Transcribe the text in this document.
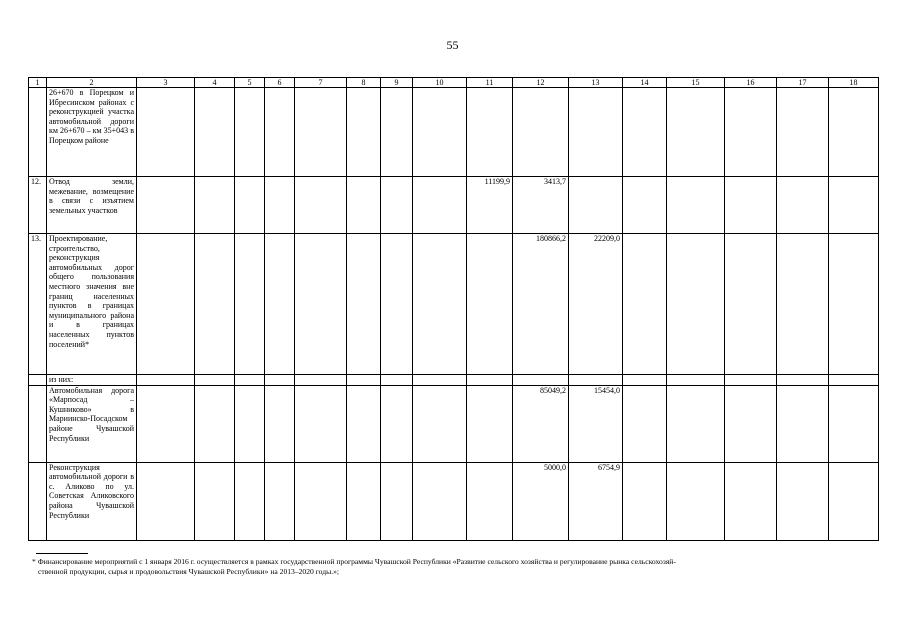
55
1	2	3	4	5	6	7	8	9	10	11	12	13	14	15	16	17	18
	26+670 в Порецком и Ибресинском районах с реконструкцией участка автомобильной дороги км 26+670 – км 35+043 в Порецком районе																
12.	Отвод земли, межевание, возмещение в связи с изъятием земельных участков									11199,9	3413,7						
13.	Проектирование, строительство, реконструкция автомобильных дорог общего пользования местного значения вне границ населенных пунктов в границах муниципального района и в границах населенных пунктов поселений*										180866,2	22209,0					
	из них:																
	Автомобильная дорога «Марпосад – Кушниково» в Мариинско-Посадском районе Чувашской Республики										85049,2	15454,0					
	Реконструкция автомобильной дороги в с. Аликово по ул. Советская Аликовского района Чувашской Республики										5000,0	6754,9					
* Финансирование мероприятий с 1 января 2016 г. осуществляется в рамках государственной программы Чувашской Республики «Развитие сельского хозяйства и регулирование рынка сельскохозяй-
ственной продукции, сырья и продовольствия Чувашской Республики» на 2013–2020 годы.»;
